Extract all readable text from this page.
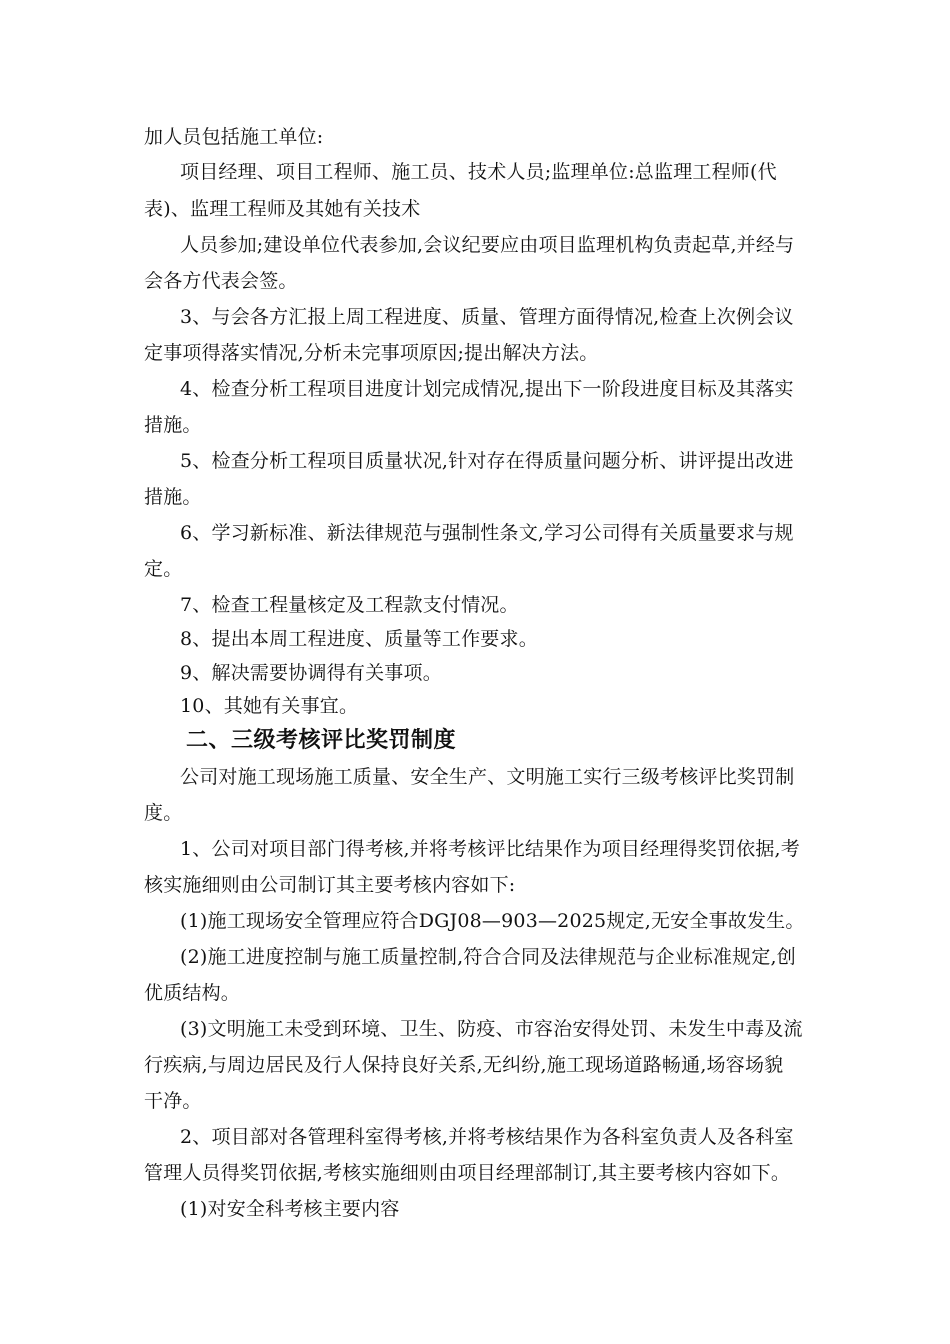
加人员包括施工单位:
项目经理、项目工程师、施工员、技术人员;监理单位:总监理工程师(代
表)、监理工程师及其她有关技术
人员参加;建设单位代表参加,会议纪要应由项目监理机构负责起草,并经与
会各方代表会签。
3、与会各方汇报上周工程进度、质量、管理方面得情况,检查上次例会议
定事项得落实情况,分析未完事项原因;提出解决方法。
4、检查分析工程项目进度计划完成情况,提出下一阶段进度目标及其落实
措施。
5、检查分析工程项目质量状况,针对存在得质量问题分析、讲评提出改进
措施。
6、学习新标准、新法律规范与强制性条文,学习公司得有关质量要求与规
定。
7、检查工程量核定及工程款支付情况。
8、提出本周工程进度、质量等工作要求。
9、解决需要协调得有关事项。
10、其她有关事宜。
二、三级考核评比奖罚制度
公司对施工现场施工质量、安全生产、文明施工实行三级考核评比奖罚制
度。
1、公司对项目部门得考核,并将考核评比结果作为项目经理得奖罚依据,考
核实施细则由公司制订其主要考核内容如下:
(1)施工现场安全管理应符合DGJ08—903—2025规定,无安全事故发生。
(2)施工进度控制与施工质量控制,符合合同及法律规范与企业标准规定,创
优质结构。
(3)文明施工未受到环境、卫生、防疫、市容治安得处罚、未发生中毒及流
行疾病,与周边居民及行人保持良好关系,无纠纷,施工现场道路畅通,场容场貌
干净。
2、项目部对各管理科室得考核,并将考核结果作为各科室负责人及各科室
管理人员得奖罚依据,考核实施细则由项目经理部制订,其主要考核内容如下。
(1)对安全科考核主要内容
